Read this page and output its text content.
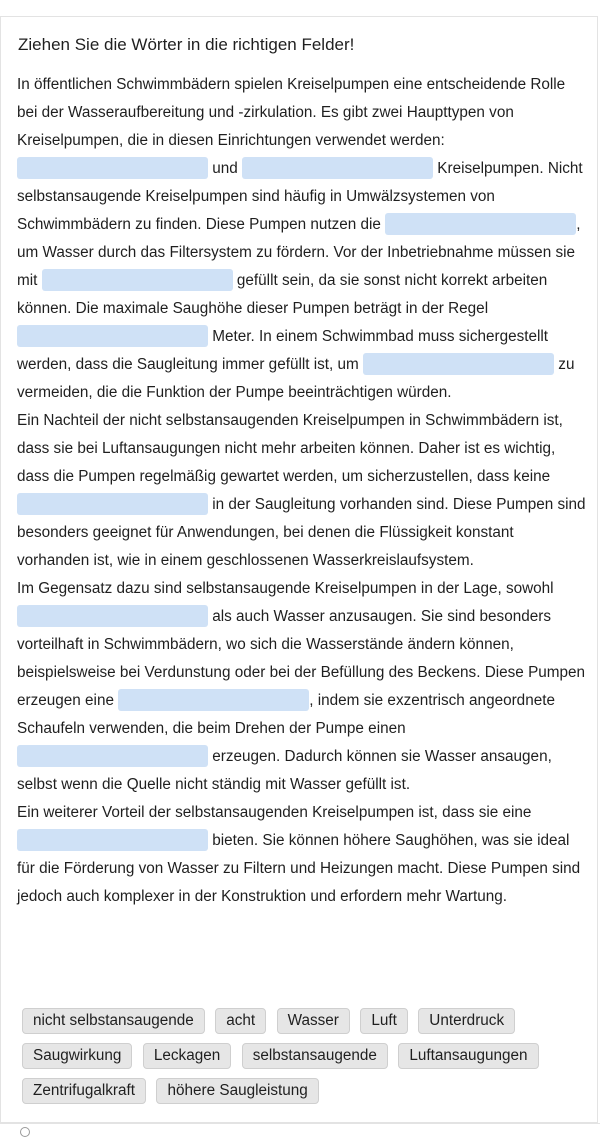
Ziehen Sie die Wörter in die richtigen Felder!

In öffentlichen Schwimmbädern spielen Kreiselpumpen eine entscheidende Rolle bei der Wasseraufbereitung und -zirkulation. Es gibt zwei Haupttypen von Kreiselpumpen, die in diesen Einrichtungen verwendet werden:  und	Kreiselpumpen. Nicht selbstansaugende Kreiselpumpen sind häufig in Umwälzsystemen von Schwimmbädern zu finden. Diese Pumpen nutzen die	, um Wasser durch das Filtersystem zu fördern. Vor der Inbetriebnahme müssen sie mit	gefüllt sein, da sie sonst nicht korrekt arbeiten können. Die maximale Saughöhe dieser Pumpen beträgt in der Regel  Meter. In einem Schwimmbad muss sichergestellt werden, dass die Saugleitung immer gefüllt ist, um	zu vermeiden, die die Funktion der Pumpe beeinträchtigen würden.

Ein Nachteil der nicht selbstansaugenden Kreiselpumpen in Schwimmbädern ist, dass sie bei Luftansaugungen nicht mehr arbeiten können. Daher ist es wichtig, dass die Pumpen regelmäßig gewartet werden, um sicherzustellen, dass keine  in der Saugleitung vorhanden sind. Diese Pumpen sind besonders geeignet für Anwendungen, bei denen die Flüssigkeit konstant vorhanden ist, wie in einem geschlossenen Wasserkreislaufsystem.

Im Gegensatz dazu sind selbstansaugende Kreiselpumpen in der Lage, sowohl  als auch Wasser anzusaugen. Sie sind besonders vorteilhaft in Schwimmbädern, wo sich die Wasserstände ändern können, beispielsweise bei Verdunstung oder bei der Befüllung des Beckens. Diese Pumpen erzeugen eine	, indem sie exzentrisch angeordnete Schaufeln verwenden, die beim Drehen der Pumpe einen  erzeugen. Dadurch können sie Wasser ansaugen, selbst wenn die Quelle nicht ständig mit Wasser gefüllt ist.

Ein weiterer Vorteil der selbstansaugenden Kreiselpumpen ist, dass sie eine  bieten. Sie können höhere Saughöhen, was sie ideal für die Förderung von Wasser zu Filtern und Heizungen macht. Diese Pumpen sind jedoch auch komplexer in der Konstruktion und erfordern mehr Wartung.

nicht selbstansaugende acht Wasser Luft Unterdruck Saugwirkung Leckagen selbstansaugende Luftansaugungen Zentrifugalkraft höhere Saugleistung
